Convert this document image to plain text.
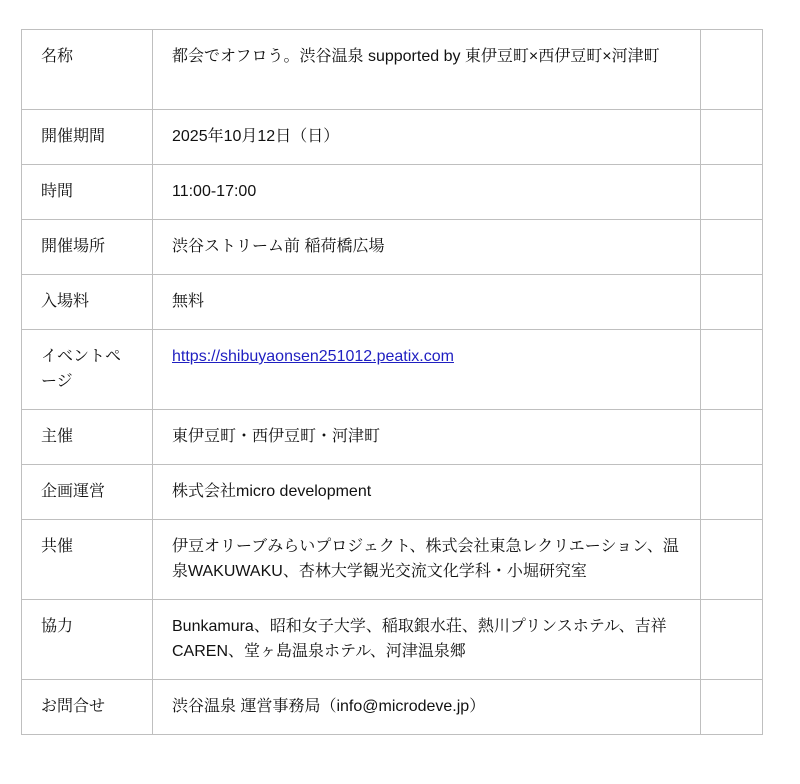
名称	都会でオフロう。渋谷温泉 supported by 東伊豆町×西伊豆町×河津町	
開催期間	2025年10月12日（日）	
時間	11:00-17:00	
開催場所	渋谷ストリーム前 稲荷橋広場	
入場料	無料	
イベントページ	https://shibuyaonsen251012.peatix.com	
主催	東伊豆町・西伊豆町・河津町	
企画運営	株式会社micro development	
共催	伊豆オリーブみらいプロジェクト、株式会社東急レクリエーション、温泉WAKUWAKU、杏林大学観光交流文化学科・小堀研究室	
協力	Bunkamura、昭和女子大学、稲取銀水荘、熱川プリンスホテル、吉祥CAREN、堂ヶ島温泉ホテル、河津温泉郷	
お問合せ	渋谷温泉 運営事務局（info@microdeve.jp）	
